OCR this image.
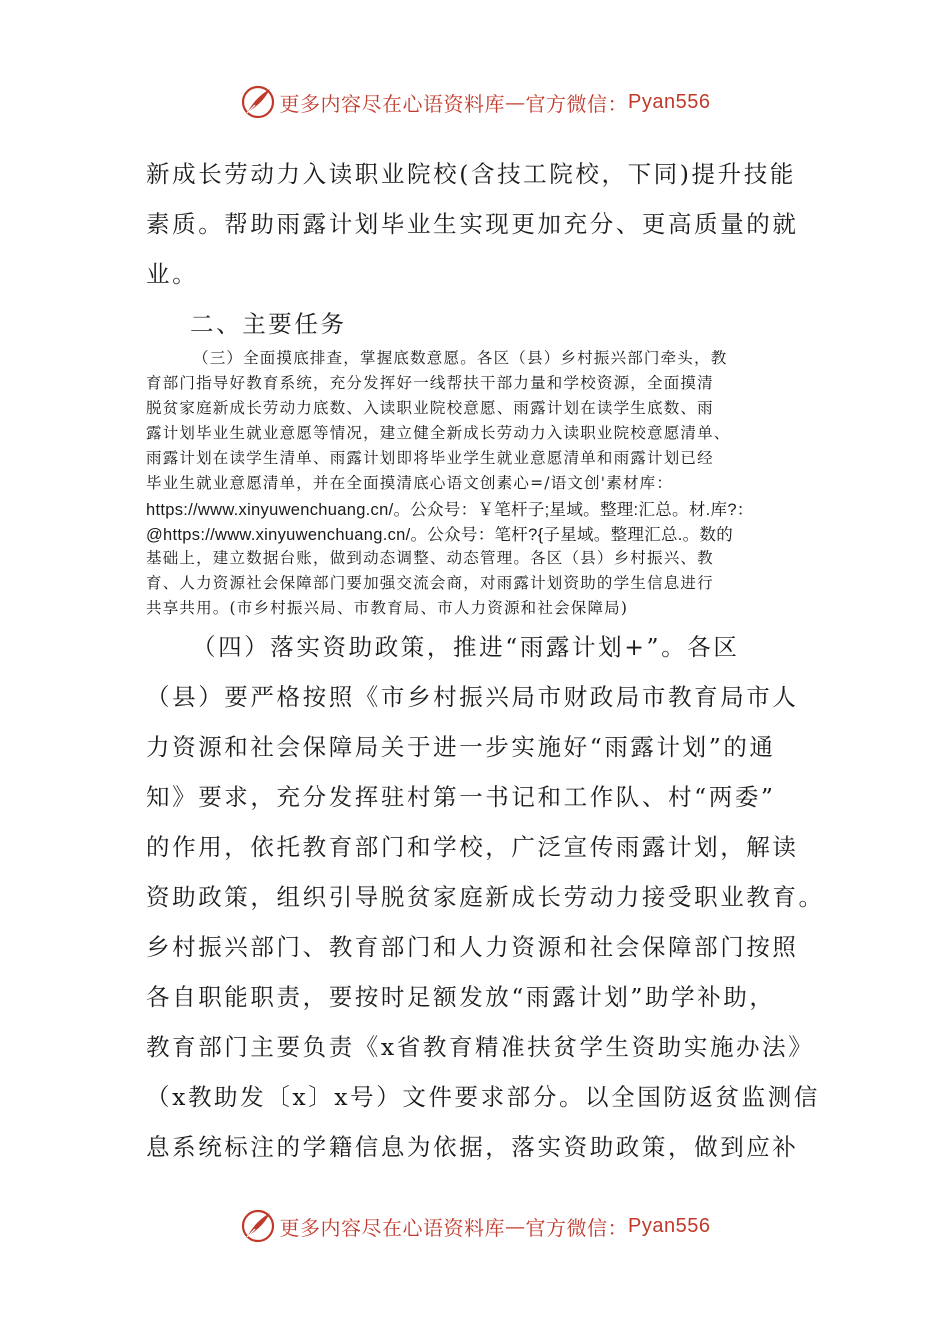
更多内容尽在心语资料库 — 官方微信： Pyan556
新成长劳动力入读职业院校(含技工院校，下同)提升技能
素质。帮助雨露计划毕业生实现更加充分、更高质量的就
业。
二、主要任务
（三）全面摸底排查，掌握底数意愿。各区（县）乡村振兴部门牵头，教
育部门指导好教育系统，充分发挥好一线帮扶干部力量和学校资源，全面摸清
脱贫家庭新成长劳动力底数、入读职业院校意愿、雨露计划在读学生底数、雨
露计划毕业生就业意愿等情况，建立健全新成长劳动力入读职业院校意愿清单、
雨露计划在读学生清单、雨露计划即将毕业学生就业意愿清单和雨露计划已经
毕业生就业意愿清单，并在全面摸清底心语文创素心=/语文创'素材库：
https://www.xinyuwenchuang.cn/。公众号：￥笔杆子;星域。整理:汇总。材.库?：
@https://www.xinyuwenchuang.cn/。公众号：笔杆?{子星域。整理汇总.。数的
基础上，建立数据台账，做到动态调整、动态管理。各区（县）乡村振兴、教
育、人力资源社会保障部门要加强交流会商，对雨露计划资助的学生信息进行
共享共用。(市乡村振兴局、市教育局、市人力资源和社会保障局)
（四）落实资助政策，推进“雨露计划+”。各区
（县）要严格按照《市乡村振兴局市财政局市教育局市人
力资源和社会保障局关于进一步实施好“雨露计划”的通
知》要求，充分发挥驻村第一书记和工作队、村“两委”
的作用，依托教育部门和学校，广泛宣传雨露计划，解读
资助政策，组织引导脱贫家庭新成长劳动力接受职业教育。
乡村振兴部门、教育部门和人力资源和社会保障部门按照
各自职能职责，要按时足额发放“雨露计划”助学补助，
教育部门主要负责《x省教育精准扶贫学生资助实施办法》
（x教助发〔x〕x号）文件要求部分。以全国防返贫监测信
息系统标注的学籍信息为依据，落实资助政策，做到应补
更多内容尽在心语资料库 — 官方微信： Pyan556
